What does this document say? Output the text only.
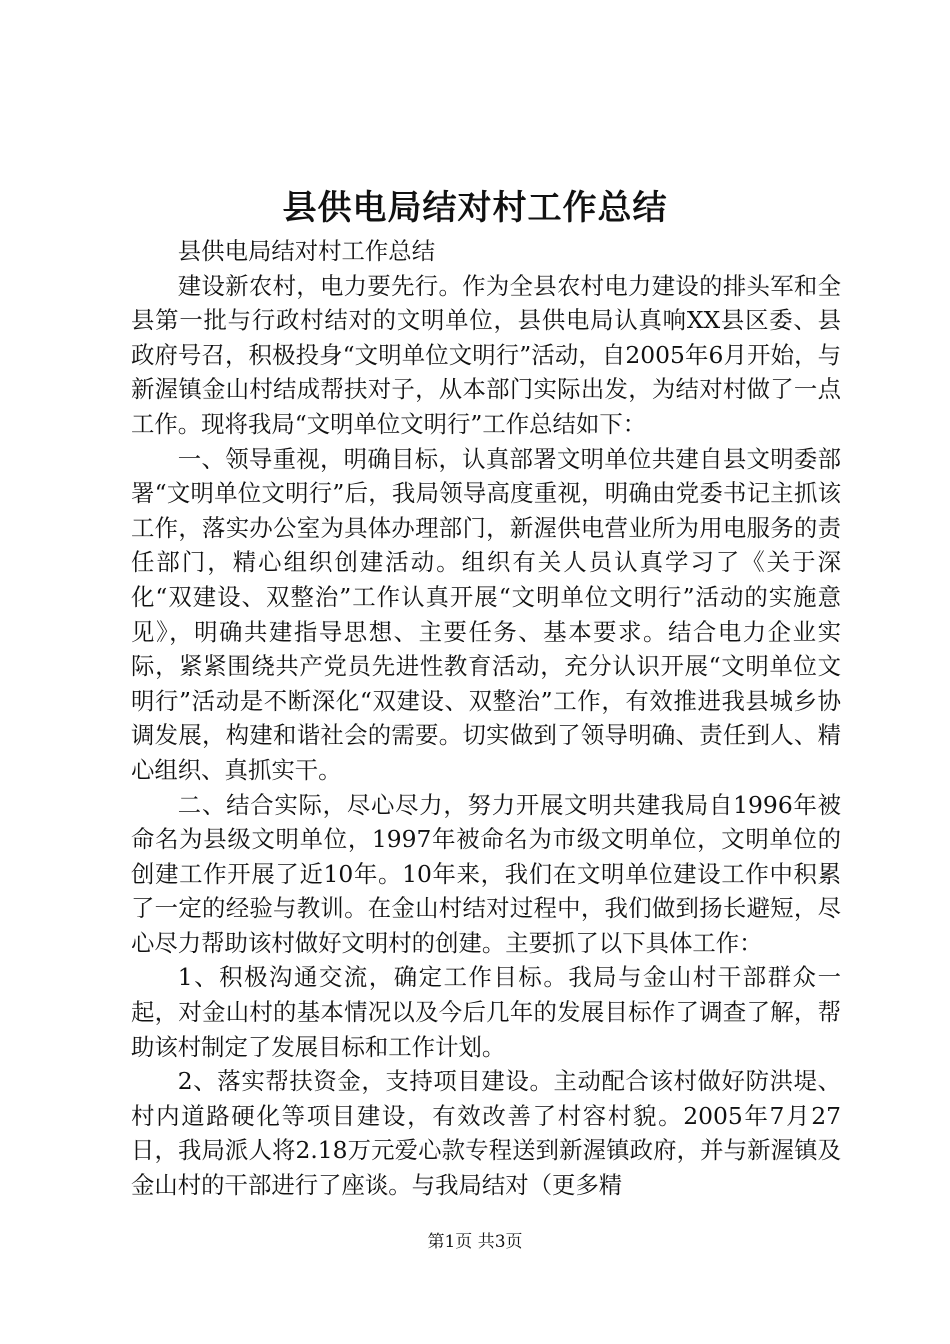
县供电局结对村工作总结

县供电局结对村工作总结

建设新农村，电力要先行。作为全县农村电力建设的排头军和全县第一批与行政村结对的文明单位，县供电局认真响XX县区委、县政府号召，积极投身“文明单位文明行”活动，自2005年6月开始，与新渥镇金山村结成帮扶对子，从本部门实际出发，为结对村做了一点工作。现将我局“文明单位文明行”工作总结如下：

一、领导重视，明确目标，认真部署文明单位共建自县文明委部署“文明单位文明行”后，我局领导高度重视，明确由党委书记主抓该工作，落实办公室为具体办理部门，新渥供电营业所为用电服务的责任部门，精心组织创建活动。组织有关人员认真学习了《关于深化“双建设、双整治”工作认真开展“文明单位文明行”活动的实施意见》，明确共建指导思想、主要任务、基本要求。结合电力企业实际，紧紧围绕共产党员先进性教育活动，充分认识开展“文明单位文明行”活动是不断深化“双建设、双整治”工作，有效推进我县城乡协调发展，构建和谐社会的需要。切实做到了领导明确、责任到人、精心组织、真抓实干。

二、结合实际，尽心尽力，努力开展文明共建我局自1996年被命名为县级文明单位，1997年被命名为市级文明单位，文明单位的创建工作开展了近10年。10年来，我们在文明单位建设工作中积累了一定的经验与教训。在金山村结对过程中，我们做到扬长避短，尽心尽力帮助该村做好文明村的创建。主要抓了以下具体工作：

1、积极沟通交流，确定工作目标。我局与金山村干部群众一起，对金山村的基本情况以及今后几年的发展目标作了调查了解，帮助该村制定了发展目标和工作计划。

2、落实帮扶资金，支持项目建设。主动配合该村做好防洪堤、村内道路硬化等项目建设，有效改善了村容村貌。2005年7月27日，我局派人将2.18万元爱心款专程送到新渥镇政府，并与新渥镇及金山村的干部进行了座谈。与我局结对（更多精

第1页 共3页
